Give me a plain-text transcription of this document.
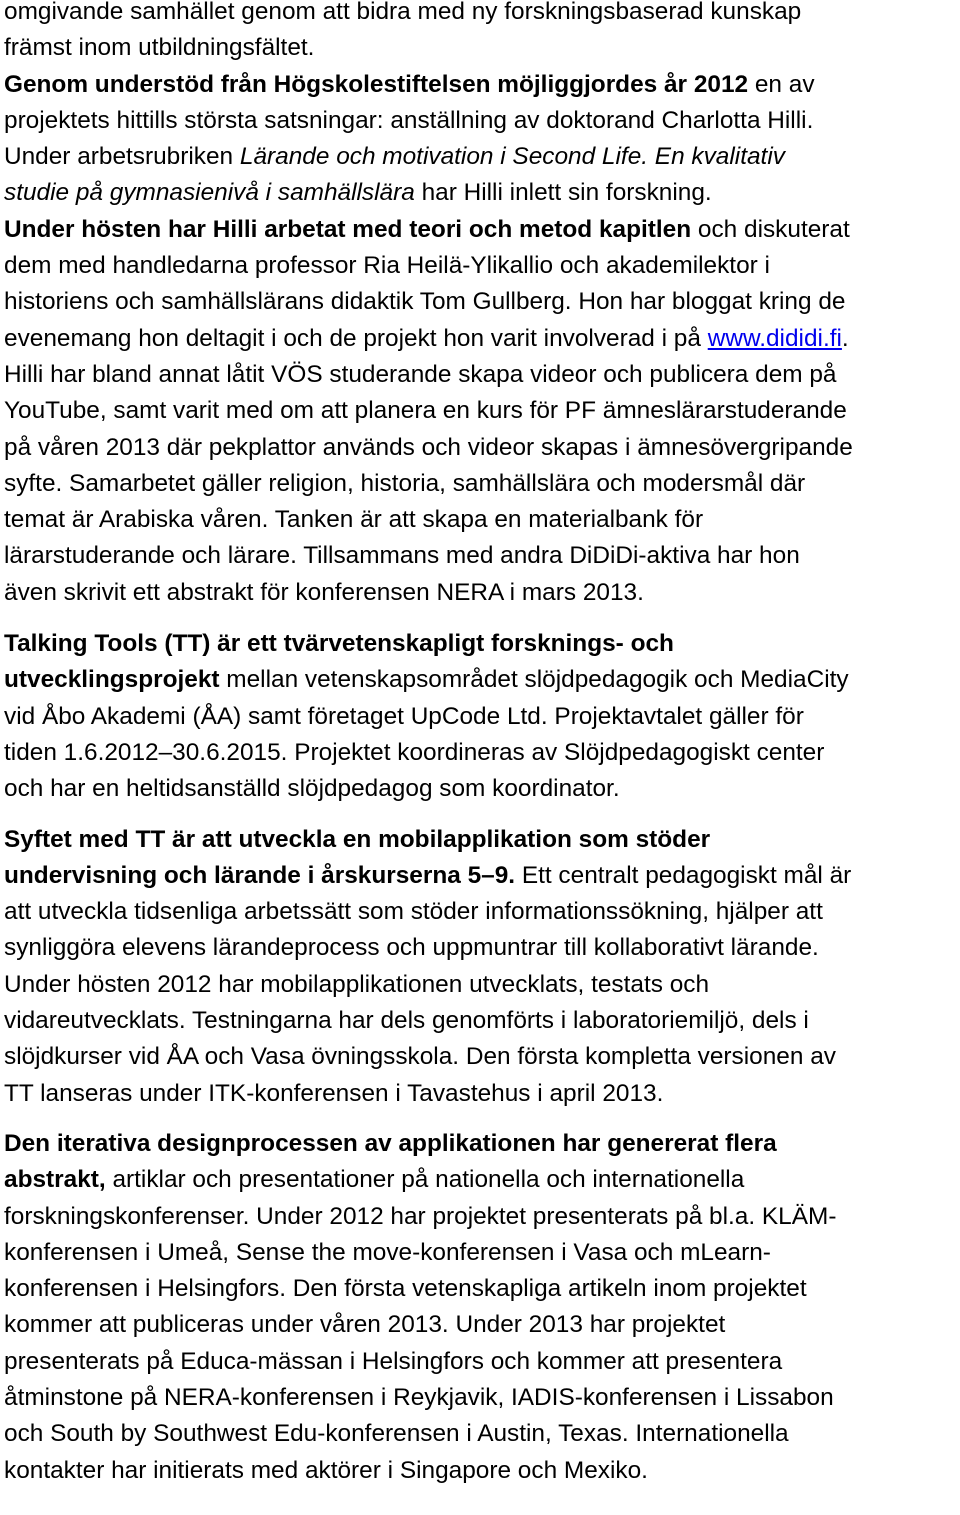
omgivande samhället genom att bidra med ny forskningsbaserad kunskap
främst inom utbildningsfältet.
Genom understöd från Högskolestiftelsen möjliggjordes år 2012 en av
projektets hittills största satsningar: anställning av doktorand Charlotta Hilli.
Under arbetsrubriken Lärande och motivation i Second Life. En kvalitativ
studie på gymnasienivå i samhällslära har Hilli inlett sin forskning.
Under hösten har Hilli arbetat med teori och metod kapitlen och diskuterat
dem med handledarna professor Ria Heilä-Ylikallio och akademilektor i
historiens och samhällslärans didaktik Tom Gullberg. Hon har bloggat kring de
evenemang hon deltagit i och de projekt hon varit involverad i på www.dididi.fi.
Hilli har bland annat låtit VÖS studerande skapa videor och publicera dem på
YouTube, samt varit med om att planera en kurs för PF ämneslärarstuderande
på våren 2013 där pekplattor används och videor skapas i ämnesövergripande
syfte. Samarbetet gäller religion, historia, samhällslära och modersmål där
temat är Arabiska våren. Tanken är att skapa en materialbank för
lärarstuderande och lärare. Tillsammans med andra DiDiDi-aktiva har hon
även skrivit ett abstrakt för konferensen NERA i mars 2013.
Talking Tools (TT) är ett tvärvetenskapligt forsknings- och
utvecklingsprojekt mellan vetenskapsområdet slöjdpedagogik och MediaCity
vid Åbo Akademi (ÅA) samt företaget UpCode Ltd. Projektavtalet gäller för
tiden 1.6.2012–30.6.2015. Projektet koordineras av Slöjdpedagogiskt center
och har en heltidsanställd slöjdpedagog som koordinator.
Syftet med TT är att utveckla en mobilapplikation som stöder
undervisning och lärande i årskurserna 5–9. Ett centralt pedagogiskt mål är
att utveckla tidsenliga arbetssätt som stöder informationssökning, hjälper att
synliggöra elevens lärandeprocess och uppmuntrar till kollaborativt lärande.
Under hösten 2012 har mobilapplikationen utvecklats, testats och
vidareutvecklats. Testningarna har dels genomförts i laboratoriemiljö, dels i
slöjdkurser vid ÅA och Vasa övningsskola. Den första kompletta versionen av
TT lanseras under ITK-konferensen i Tavastehus i april 2013.
Den iterativa designprocessen av applikationen har genererat flera
abstrakt, artiklar och presentationer på nationella och internationella
forskningskonferenser. Under 2012 har projektet presenterats på bl.a. KLÄM-
konferensen i Umeå, Sense the move-konferensen i Vasa och mLearn-
konferensen i Helsingfors. Den första vetenskapliga artikeln inom projektet
kommer att publiceras under våren 2013. Under 2013 har projektet
presenterats på Educa-mässan i Helsingfors och kommer att presentera
åtminstone på NERA-konferensen i Reykjavik, IADIS-konferensen i Lissabon
och South by Southwest Edu-konferensen i Austin, Texas. Internationella
kontakter har initierats med aktörer i Singapore och Mexiko.
